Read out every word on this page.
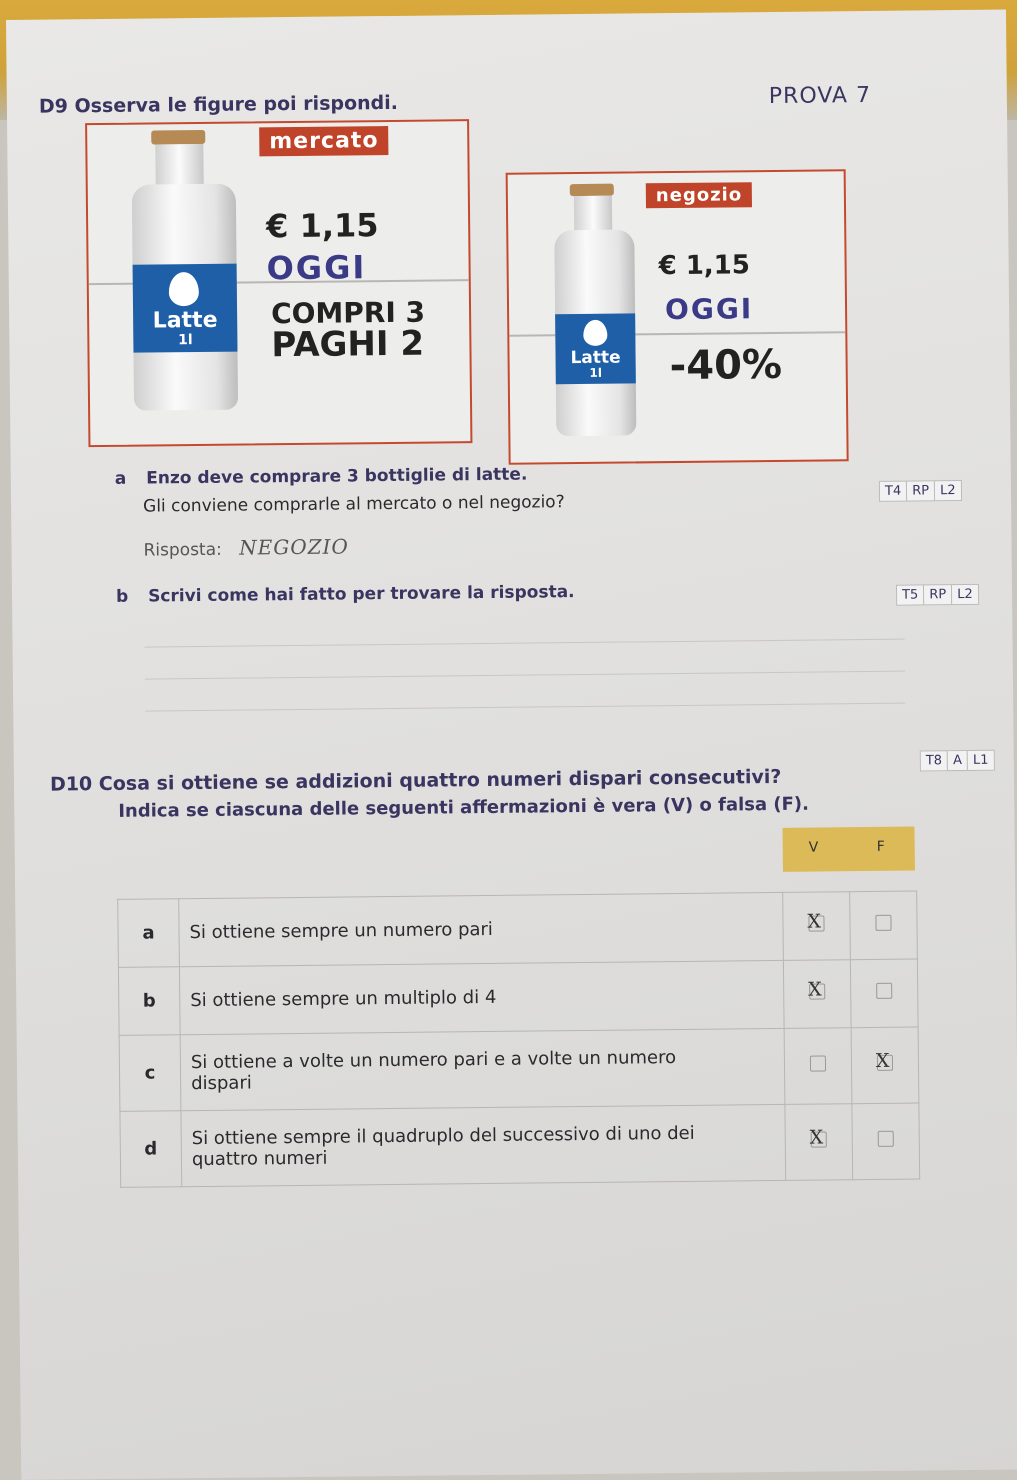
PROVA 7
D9 Osserva le figure poi rispondi.
mercato
Latte
1l
€ 1,15
OGGI
COMPRI 3
PAGHI 2
negozio
Latte
1l
€ 1,15
OGGI
-40%
a Enzo deve comprare 3 bottiglie di latte.
Gli conviene comprarle al mercato o nel negozio?
T4 RP L2
Risposta: NEGOZIO
b Scrivi come hai fatto per trovare la risposta.	T5 RP L2
D10 Cosa si ottiene se addizioni quattro numeri dispari consecutivi?
T8 A L1
Indica se ciascuna delle seguenti affermazioni è vera (V) o falsa (F).
V	F
a	Si ottiene sempre un numero pari	X	

b	Si ottiene sempre un multiplo di 4	X	

c	Si ottiene a volte un numero pari e a volte un numero
dispari		X

d	Si ottiene sempre il quadruplo del successivo di uno dei
quattro numeri	X	
